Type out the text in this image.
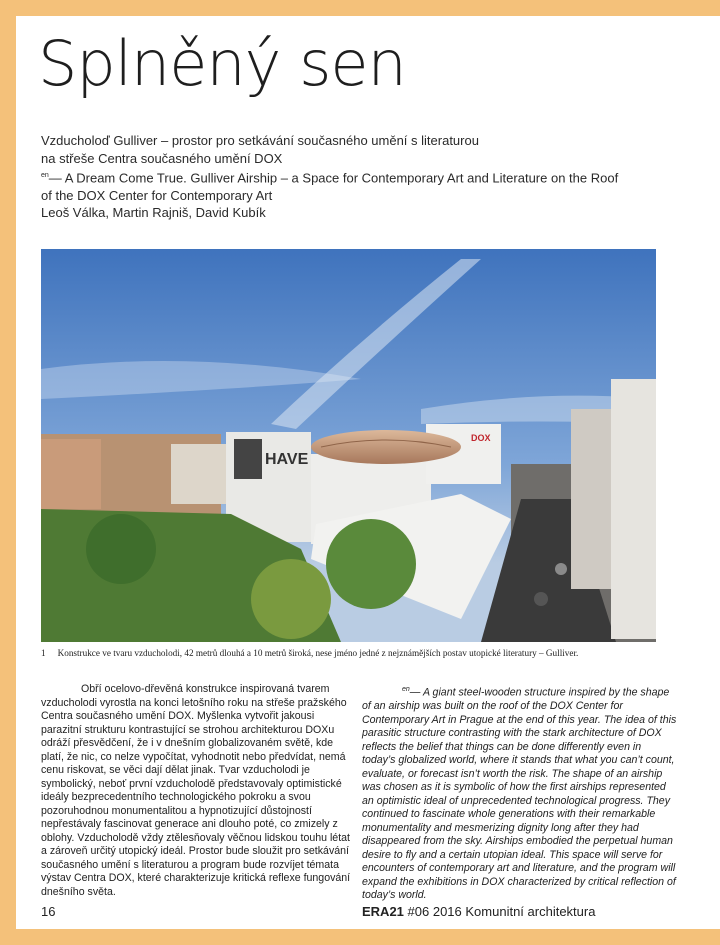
Splněný sen
Vzducholoď Gulliver – prostor pro setkávání současného umění s literaturou
na střeše Centra současného umění DOX
$^{en}$— A Dream Come True. Gulliver Airship – a Space for Contemporary Art and Literature on the Roof
of the DOX Center for Contemporary Art
Leoš Válka, Martin Rajniš, David Kubík
HAVE
DOX
1 Konstrukce ve tvaru vzducholodi, 42 metrů dlouhá a 10 metrů široká, nese jméno jedné z nejznámějších postav utopické literatury – Gulliver.

Obří ocelovo-dřevěná konstrukce inspirovaná tvarem vzducholodi vyrostla na konci letošního roku na střeše pražského Centra současného umění DOX. Myšlenka vytvořit jakousi parazitní strukturu kontrastující se strohou architekturou DOXu odráží přesvědčení, že i v dnešním globalizovaném světě, kde platí, že nic, co nelze vypočítat, vyhodnotit nebo předvídat, nemá cenu riskovat, se věci dají dělat jinak. Tvar vzducholodi je symbolický, neboť první vzducholodě představovaly optimistické ideály bezprecedentního technologického pokroku a svou pozoruhodnou monumentalitou a hypnotizující důstojností nepřestávaly fascinovat generace ani dlouho poté, co zmizely z oblohy. Vzducholodě vždy ztělesňovaly věčnou lidskou touhu létat a zároveň určitý utopický ideál. Prostor bude sloužit pro setkávání současného umění s literaturou a program bude rozvíjet témata výstav Centra DOX, které charakterizuje kritická reflexe fungování dnešního světa.

$^{en}$— A giant steel-wooden structure inspired by the shape of an airship was built on the roof of the DOX Center for Contemporary Art in Prague at the end of this year. The idea of this parasitic structure contrasting with the stark architecture of DOX reflects the belief that things can be done differently even in today’s globalized world, where it stands that what you can’t count, evaluate, or forecast isn’t worth the risk. The shape of an airship was chosen as it is symbolic of how the first airships represented an optimistic ideal of unprecedented technological progress. They continued to fascinate whole generations with their remarkable monumentality and mesmerizing dignity long after they had disappeared from the sky. Airships embodied the perpetual human desire to fly and a certain utopian ideal. This space will serve for encounters of contemporary art and literature, and the program will expand the exhibitions in DOX characterized by critical reflection of today’s world.

16	ERA21 #06 2016 Komunitní architektura
